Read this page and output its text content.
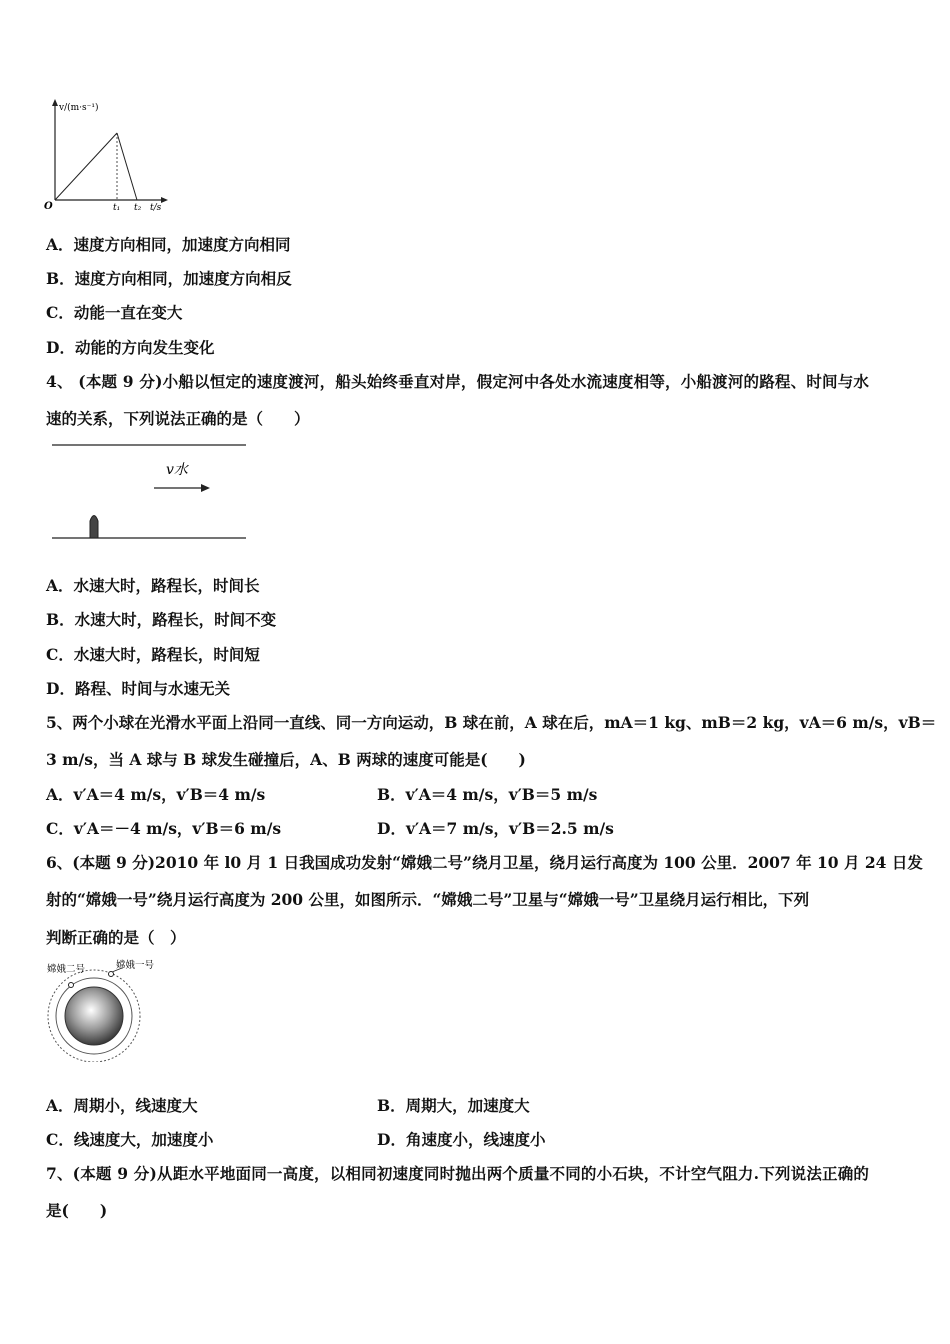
v/(m·s⁻¹)
O	t₁ t₂ t/s
A．速度方向相同，加速度方向相同
B．速度方向相同，加速度方向相反
C．动能一直在变大
D．动能的方向发生变化
4、 (本题 9 分)小船以恒定的速度渡河，船头始终垂直对岸，假定河中各处水流速度相等，小船渡河的路程、时间与水
速的关系，下列说法正确的是（　　）
v水
A．水速大时，路程长，时间长
B．水速大时，路程长，时间不变
C．水速大时，路程长，时间短
D．路程、时间与水速无关
5、两个小球在光滑水平面上沿同一直线、同一方向运动，B 球在前，A 球在后，mA＝1 kg、mB＝2 kg，vA＝6 m/s，vB＝
3 m/s，当 A 球与 B 球发生碰撞后，A、B 两球的速度可能是(　　)
A．v′A＝4 m/s，v′B＝4 m/s	B．v′A＝4 m/s，v′B＝5 m/s
C．v′A＝－4 m/s，v′B＝6 m/s	D．v′A＝7 m/s，v′B＝2.5 m/s
6、(本题 9 分)2010 年 l0 月 1 日我国成功发射“嫦娥二号”绕月卫星，绕月运行高度为 100 公里．2007 年 10 月 24 日发
射的“嫦娥一号”绕月运行高度为 200 公里，如图所示．“嫦娥二号”卫星与“嫦娥一号”卫星绕月运行相比，下列
判断正确的是（　）
嫦娥二号	嫦娥一号
A．周期小，线速度大	B．周期大，加速度大
C．线速度大，加速度小	D．角速度小，线速度小
7、(本题 9 分)从距水平地面同一高度，以相同初速度同时抛出两个质量不同的小石块，不计空气阻力.下列说法正确的
是(　　)
